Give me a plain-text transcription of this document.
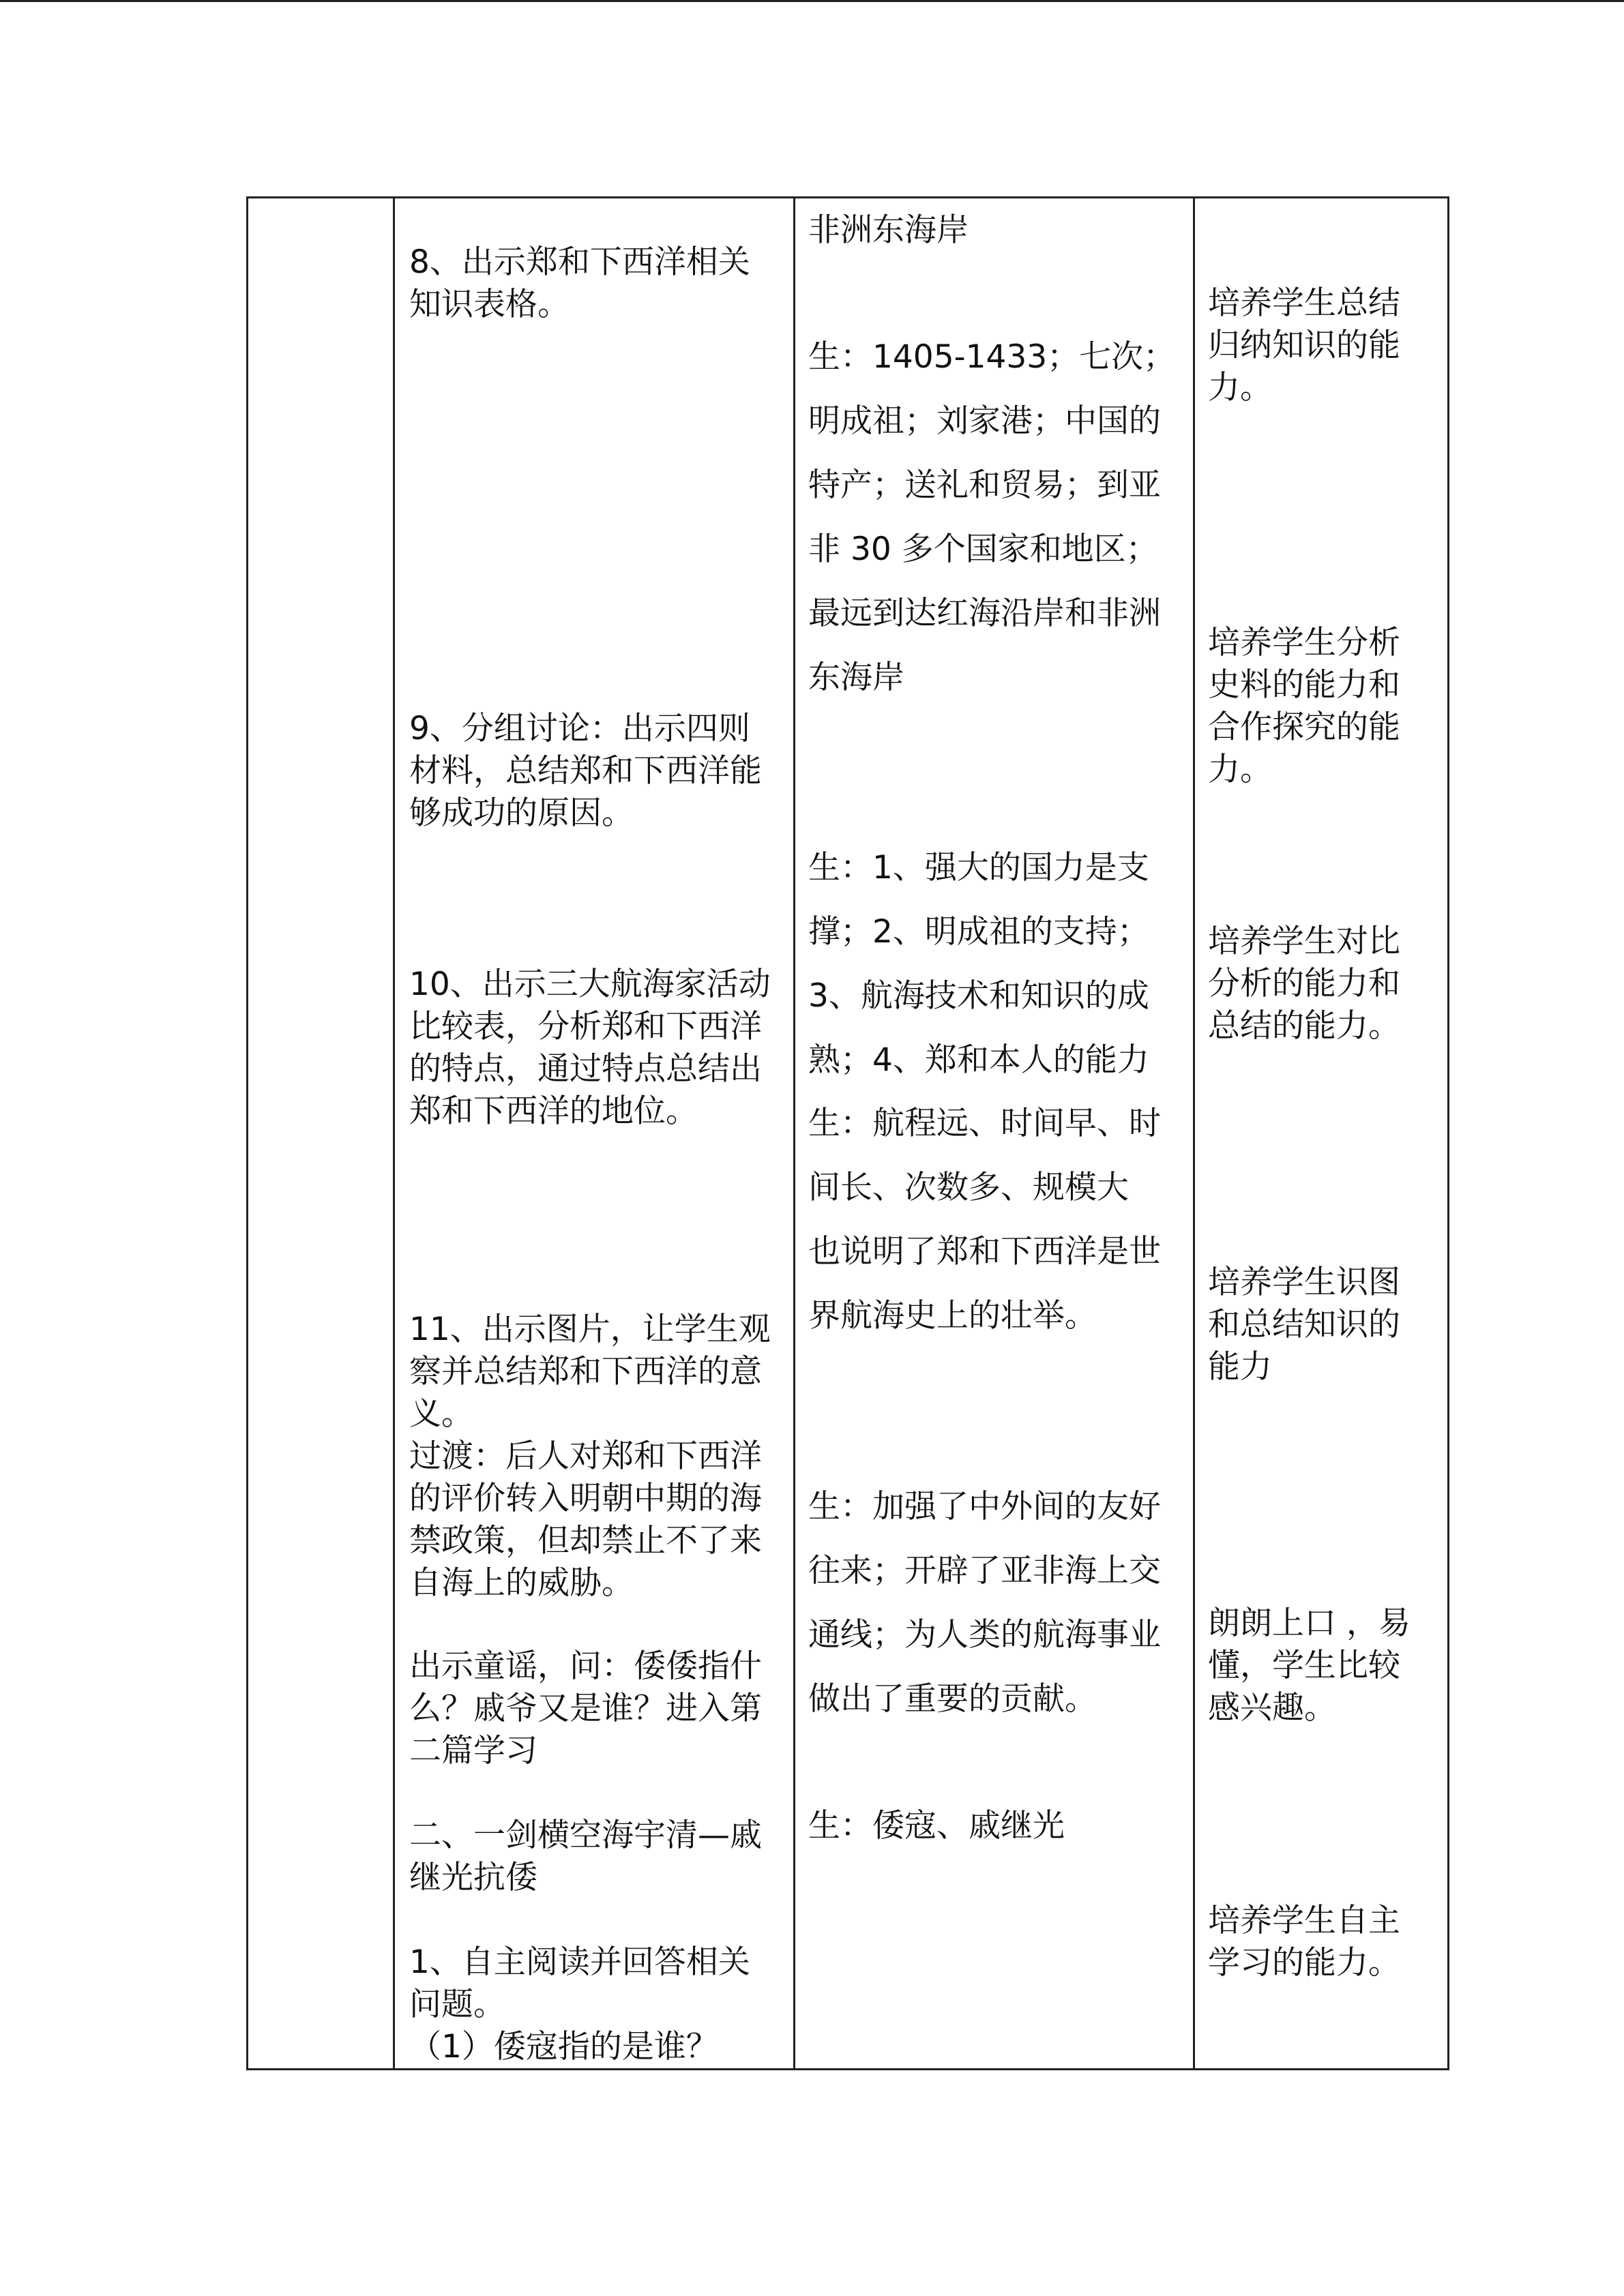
8、出示郑和下西洋相关
知识表格。
9、分组讨论：出示四则
材料，总结郑和下西洋能
够成功的原因。
10、出示三大航海家活动
比较表，分析郑和下西洋
的特点，通过特点总结出
郑和下西洋的地位。
11、出示图片，让学生观
察并总结郑和下西洋的意
义。
过渡：后人对郑和下西洋
的评价转入明朝中期的海
禁政策，但却禁止不了来
自海上的威胁。
出示童谣，问：倭倭指什
么？戚爷又是谁？进入第
二篇学习
二、一剑横空海宇清—戚
继光抗倭
1、自主阅读并回答相关
问题。
（1）倭寇指的是谁？
非洲东海岸
生：1405-1433；七次；
明成祖；刘家港；中国的
特产；送礼和贸易；到亚
非 30 多个国家和地区；
最远到达红海沿岸和非洲
东海岸
生：1、强大的国力是支
撑；2、明成祖的支持；
3、航海技术和知识的成
熟；4、郑和本人的能力
生：航程远、时间早、时
间长、次数多、规模大
也说明了郑和下西洋是世
界航海史上的壮举。
生：加强了中外间的友好
往来；开辟了亚非海上交
通线；为人类的航海事业
做出了重要的贡献。
生：倭寇、戚继光
培养学生总结
归纳知识的能
力。
培养学生分析
史料的能力和
合作探究的能
力。
培养学生对比
分析的能力和
总结的能力。
培养学生识图
和总结知识的
能力
朗朗上口 ，易
懂，学生比较
感兴趣。
培养学生自主
学习的能力。
